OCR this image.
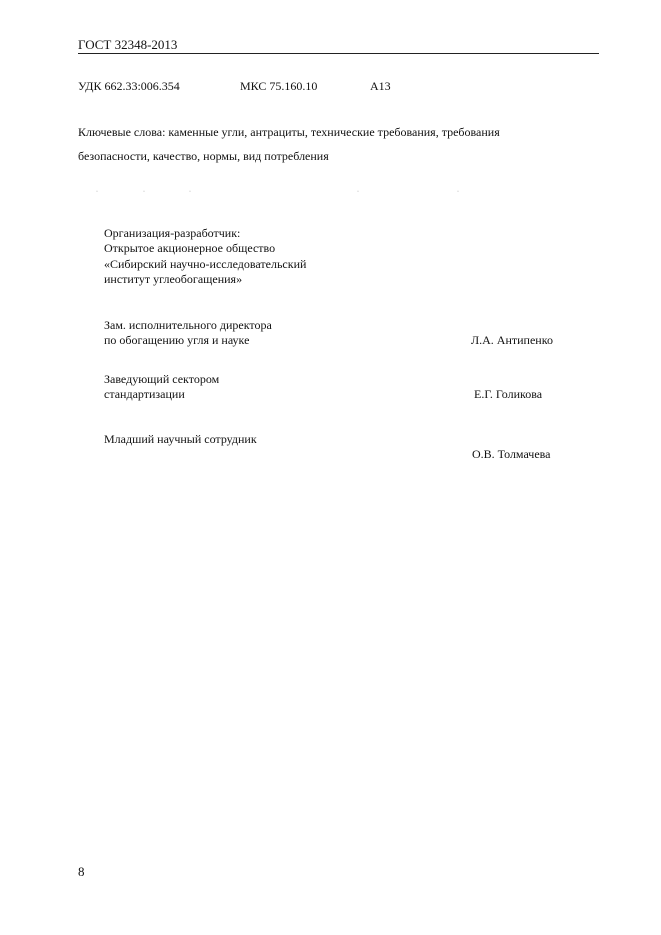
ГОСТ 32348-2013
УДК 662.33:006.354	МКС 75.160.10	А13
Ключевые слова: каменные угли, антрациты, технические требования, требования
безопасности, качество, нормы, вид потребления
·	·	·	·	·
Организация-разработчик:
Открытое акционерное общество
«Сибирский научно-исследовательский
институт углеобогащения»
Зам. исполнительного директора
по обогащению угля и науке	Л.А. Антипенко
Заведующий сектором
стандартизации	Е.Г. Голикова
Младший научный сотрудник
О.В. Толмачева
8
